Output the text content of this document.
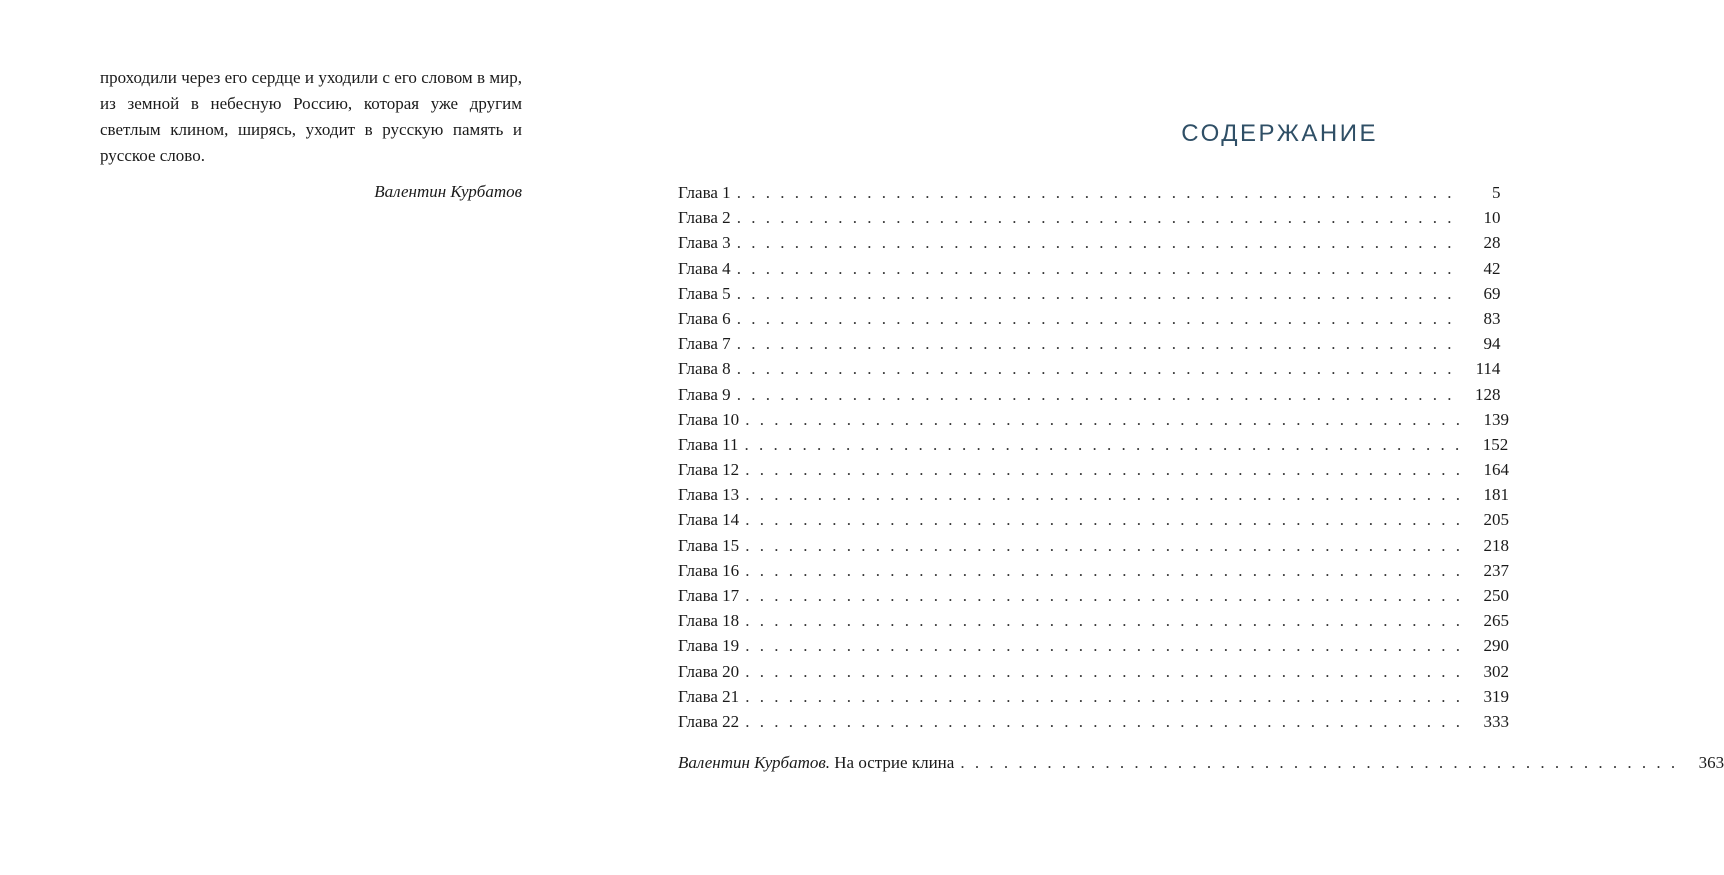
проходили через его сердце и уходили с его словом в мир, из земной в небесную Россию, которая уже другим светлым клином, ширясь, уходит в русскую память и русское слово.

Валентин Курбатов
СОДЕРЖАНИЕ
Глава 1 . . . . . . . . . . . . . . . . . . . . . . . . . . . . . . . . . . . . . . . . . . . . . . . . . .	5
Глава 2 . . . . . . . . . . . . . . . . . . . . . . . . . . . . . . . . . . . . . . . . . . . . . . . . . .	10
Глава 3 . . . . . . . . . . . . . . . . . . . . . . . . . . . . . . . . . . . . . . . . . . . . . . . . . .	28
Глава 4 . . . . . . . . . . . . . . . . . . . . . . . . . . . . . . . . . . . . . . . . . . . . . . . . . .	42
Глава 5 . . . . . . . . . . . . . . . . . . . . . . . . . . . . . . . . . . . . . . . . . . . . . . . . . .	69
Глава 6 . . . . . . . . . . . . . . . . . . . . . . . . . . . . . . . . . . . . . . . . . . . . . . . . . .	83
Глава 7 . . . . . . . . . . . . . . . . . . . . . . . . . . . . . . . . . . . . . . . . . . . . . . . . . .	94
Глава 8 . . . . . . . . . . . . . . . . . . . . . . . . . . . . . . . . . . . . . . . . . . . . . . . . . .	114
Глава 9 . . . . . . . . . . . . . . . . . . . . . . . . . . . . . . . . . . . . . . . . . . . . . . . . . .	128
Глава 10 . . . . . . . . . . . . . . . . . . . . . . . . . . . . . . . . . . . . . . . . . . . . . . . . . .	139
Глава 11 . . . . . . . . . . . . . . . . . . . . . . . . . . . . . . . . . . . . . . . . . . . . . . . . . .	152
Глава 12 . . . . . . . . . . . . . . . . . . . . . . . . . . . . . . . . . . . . . . . . . . . . . . . . . .	164
Глава 13 . . . . . . . . . . . . . . . . . . . . . . . . . . . . . . . . . . . . . . . . . . . . . . . . . .	181
Глава 14 . . . . . . . . . . . . . . . . . . . . . . . . . . . . . . . . . . . . . . . . . . . . . . . . . .	205
Глава 15 . . . . . . . . . . . . . . . . . . . . . . . . . . . . . . . . . . . . . . . . . . . . . . . . . .	218
Глава 16 . . . . . . . . . . . . . . . . . . . . . . . . . . . . . . . . . . . . . . . . . . . . . . . . . .	237
Глава 17 . . . . . . . . . . . . . . . . . . . . . . . . . . . . . . . . . . . . . . . . . . . . . . . . . .	250
Глава 18 . . . . . . . . . . . . . . . . . . . . . . . . . . . . . . . . . . . . . . . . . . . . . . . . . .	265
Глава 19 . . . . . . . . . . . . . . . . . . . . . . . . . . . . . . . . . . . . . . . . . . . . . . . . . .	290
Глава 20 . . . . . . . . . . . . . . . . . . . . . . . . . . . . . . . . . . . . . . . . . . . . . . . . . .	302
Глава 21 . . . . . . . . . . . . . . . . . . . . . . . . . . . . . . . . . . . . . . . . . . . . . . . . . .	319
Глава 22 . . . . . . . . . . . . . . . . . . . . . . . . . . . . . . . . . . . . . . . . . . . . . . . . . .	333
Валентин Курбатов. На острие клина . . . . . . . . . . . . . . . . . . . . . . . . . . . . . . . . . . . . . . . . . . . . . . . . . .	363
